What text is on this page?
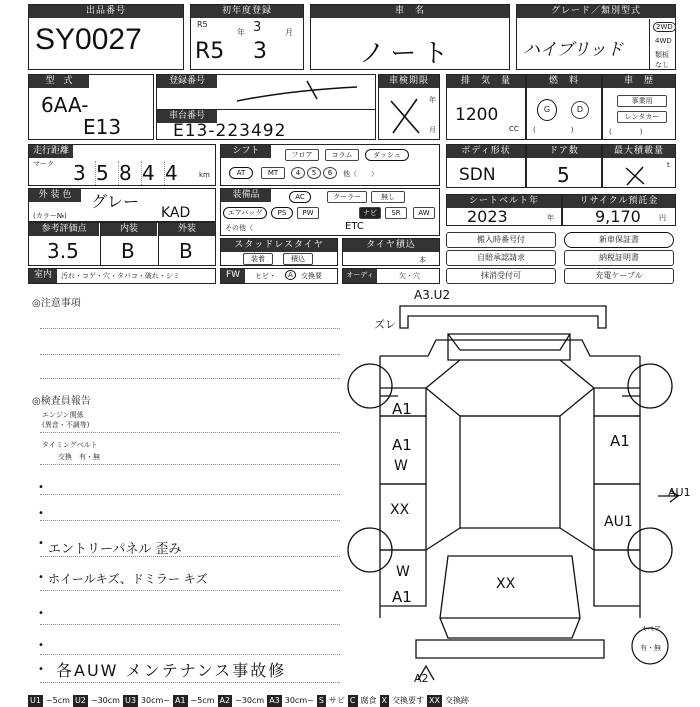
出品番号
SY0027
初年度登録
R5
年 3	月
R5 3
車　名
ノート
グレード／類別型式
ハイブリッド
2WD
4WD
類板
なし
型　式
6AA-
E13
登録番号
車台番号
E13-223492
車検期限
年
月
排　気　量
1200
CC
燃　料
G	D
(　　　　　)
車　歴
事業用
レンタカー
(　　　　)
走行距離
マーク 3 5 8 4 4	km
シフト	フロア	コラム	ダッシュ
AT	MT	4	5	6	他（　　）
ボディ形状
SDN
ドア数
5
最大積載量
t
外 装 色	グレー
(カラー№)	KAD
装備品	AC	クーラー	無し
エアバッグ	PS	PW	ナビ	SR	AW
その他（	ETC
シートベルト年
2023	年
リサイクル預託金
9,170	円
参考評価点	内装	外装
3.5 B B	スタッドレスタイヤ
装着	積込
タイヤ積込
本
搬入時番号付	新車保証書
自賠承認請求	納税証明書
抹消受付可	充電ケーブル
室内	汚れ・コゲ・穴・タバコ・破れ・シミ	FW	ヒビ・	A	交換要	オーディオ
欠・穴
◎注意事項
◎検査員報告
エンジン関係
(異音・不調等)
タイミングベルト
交換　有・無
•
•
• エントリーパネル 歪み
• ホイールキズ、ドミラー キズ
•
•
• 各AUW メンテナンス事故修
A3.U2
ズレ
A1
A1
W
XX
W
A1
XX
A1
AU1
AU1
A2
スペア
有・無
U1 ~5cm U2 ~30cm U3 30cm~ A1 ~5cm A2 ~30cm A3 30cm~ S サビ C 腐食 X 交換要す XX 交換跡
